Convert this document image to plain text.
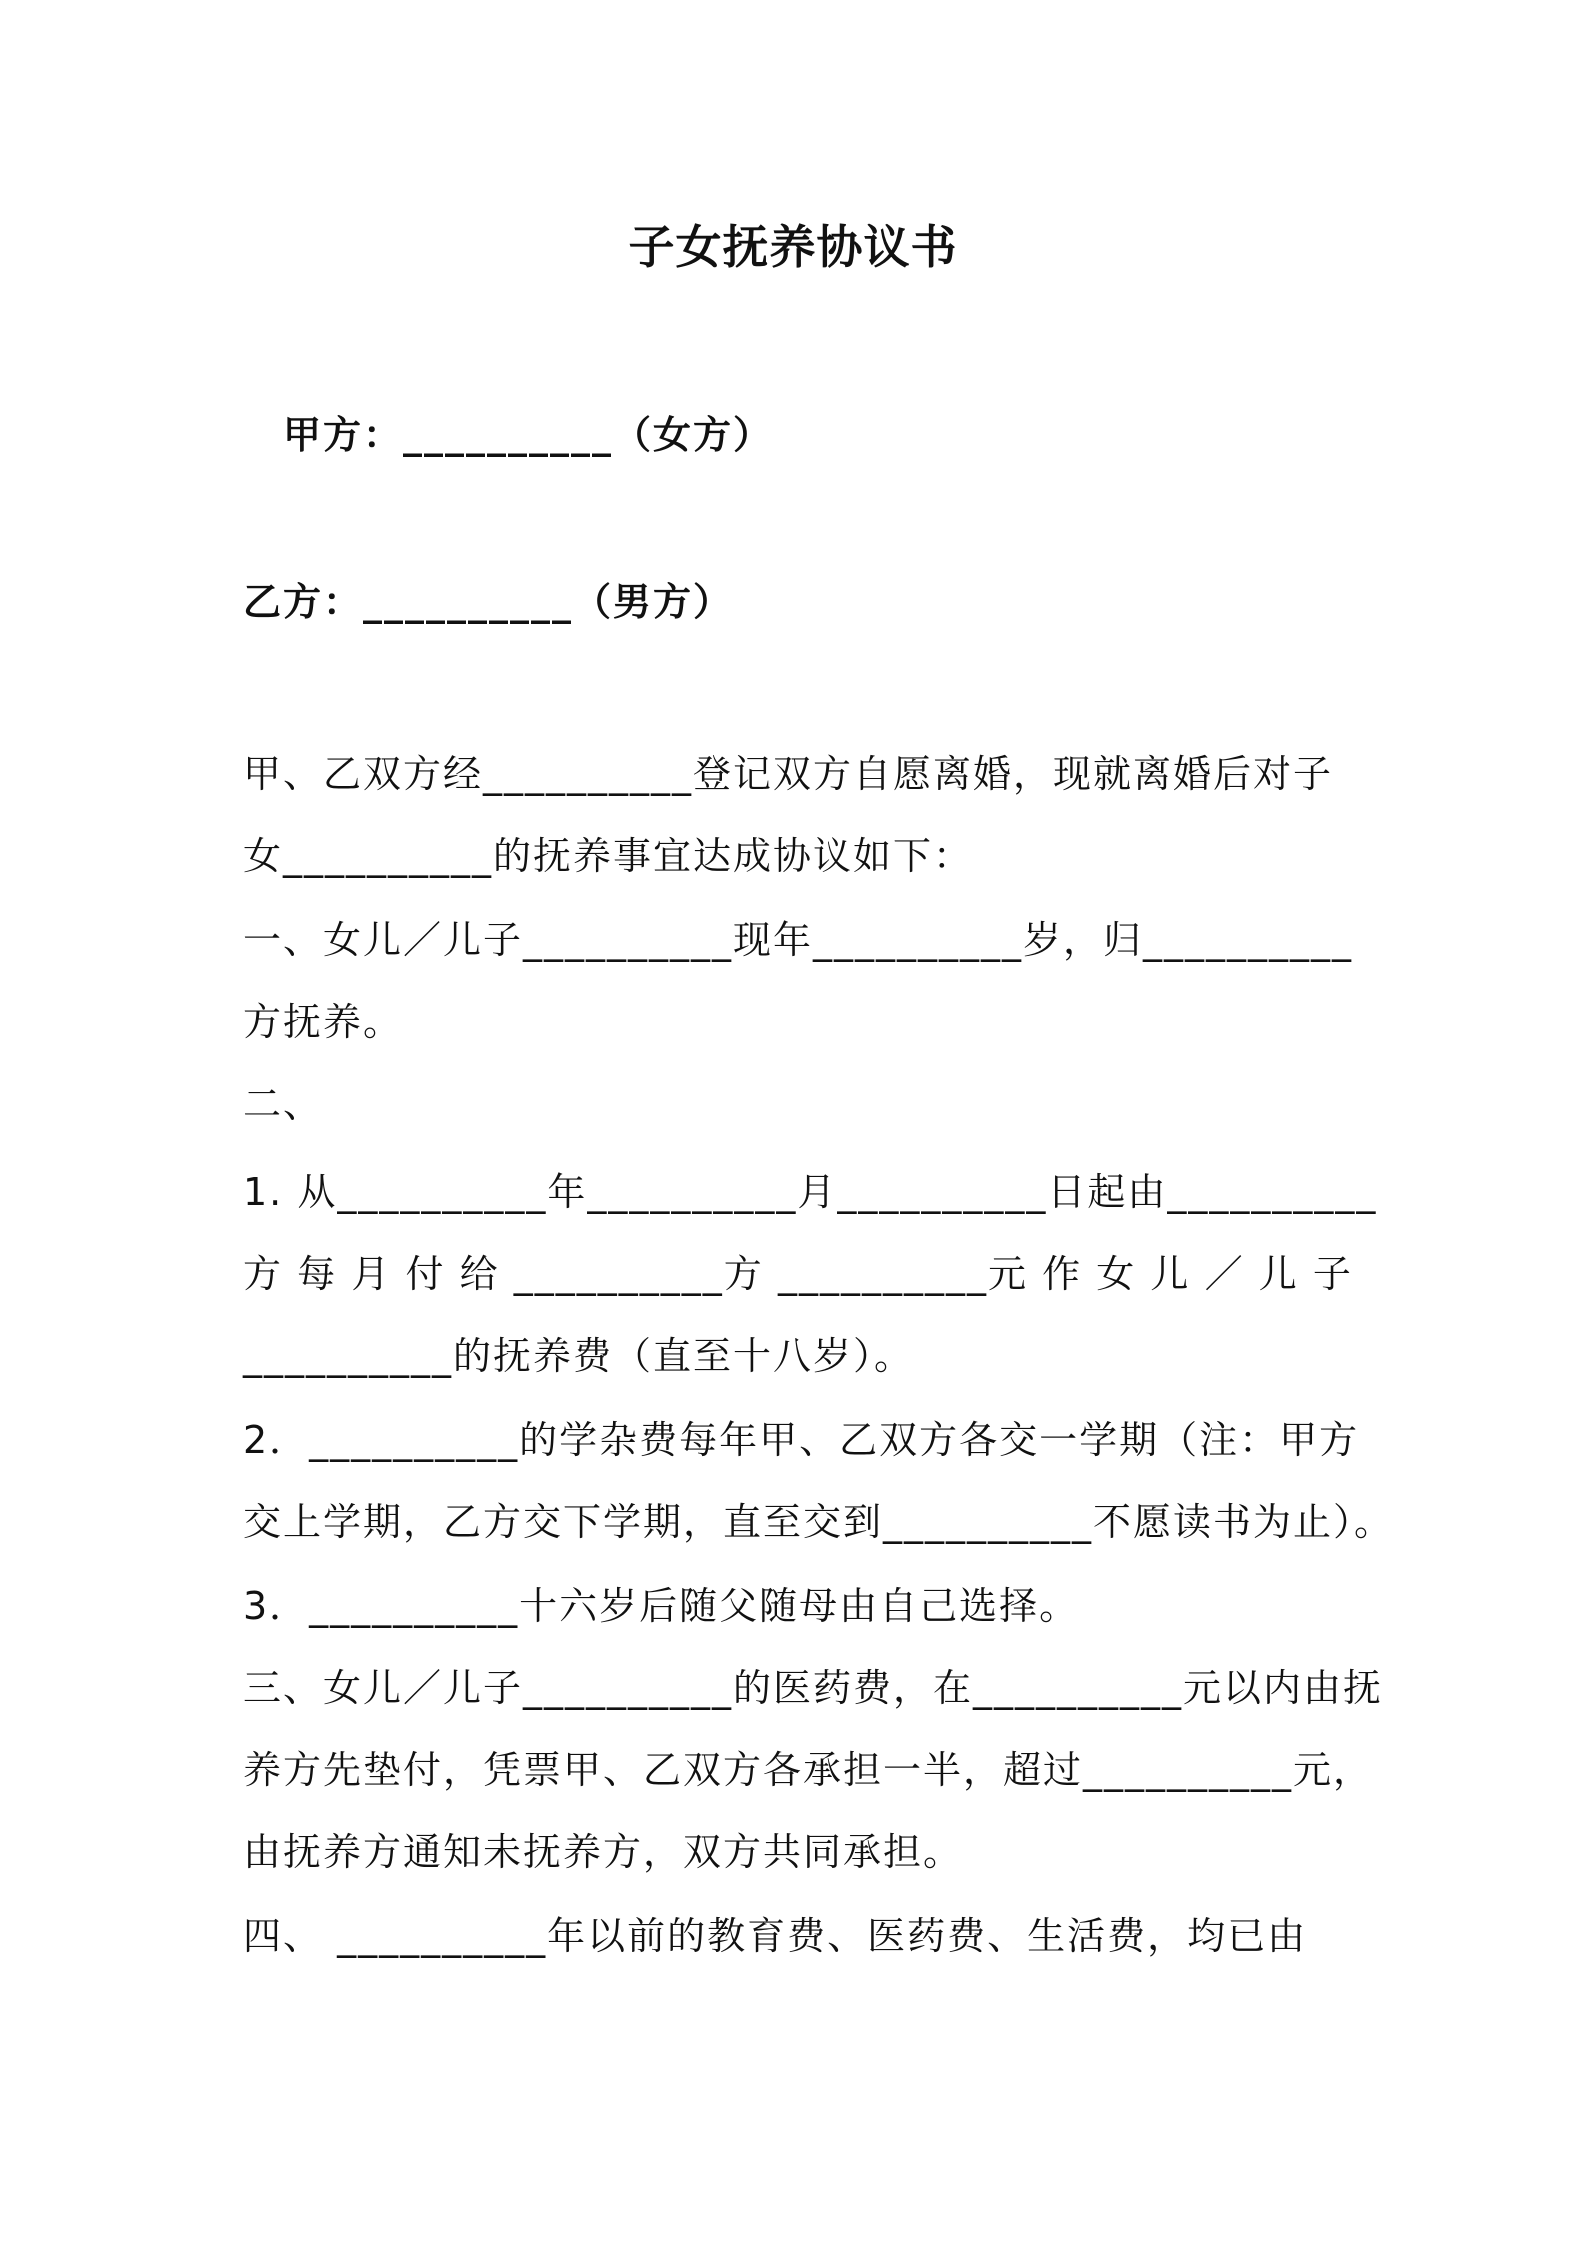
子女抚养协议书
甲方：__________（女方）
乙方：__________（男方）
甲、乙双方经__________登记双方自愿离婚，现就离婚后对子
女__________的抚养事宜达成协议如下：
一、女儿／儿子__________现年__________岁，归__________
方抚养。
二、
1. 从__________年__________月__________日起由__________
方 每 月 付 给 __________方 __________元 作 女 儿 ／ 儿 子
__________的抚养费（直至十八岁）。
2．__________的学杂费每年甲、乙双方各交一学期（注：甲方
交上学期，乙方交下学期，直至交到__________不愿读书为止）。
3．__________十六岁后随父随母由自己选择。
三、女儿／儿子__________的医药费，在__________元以内由抚
养方先垫付，凭票甲、乙双方各承担一半，超过__________元，
由抚养方通知未抚养方，双方共同承担。
四、 __________年以前的教育费、医药费、生活费，均已由
